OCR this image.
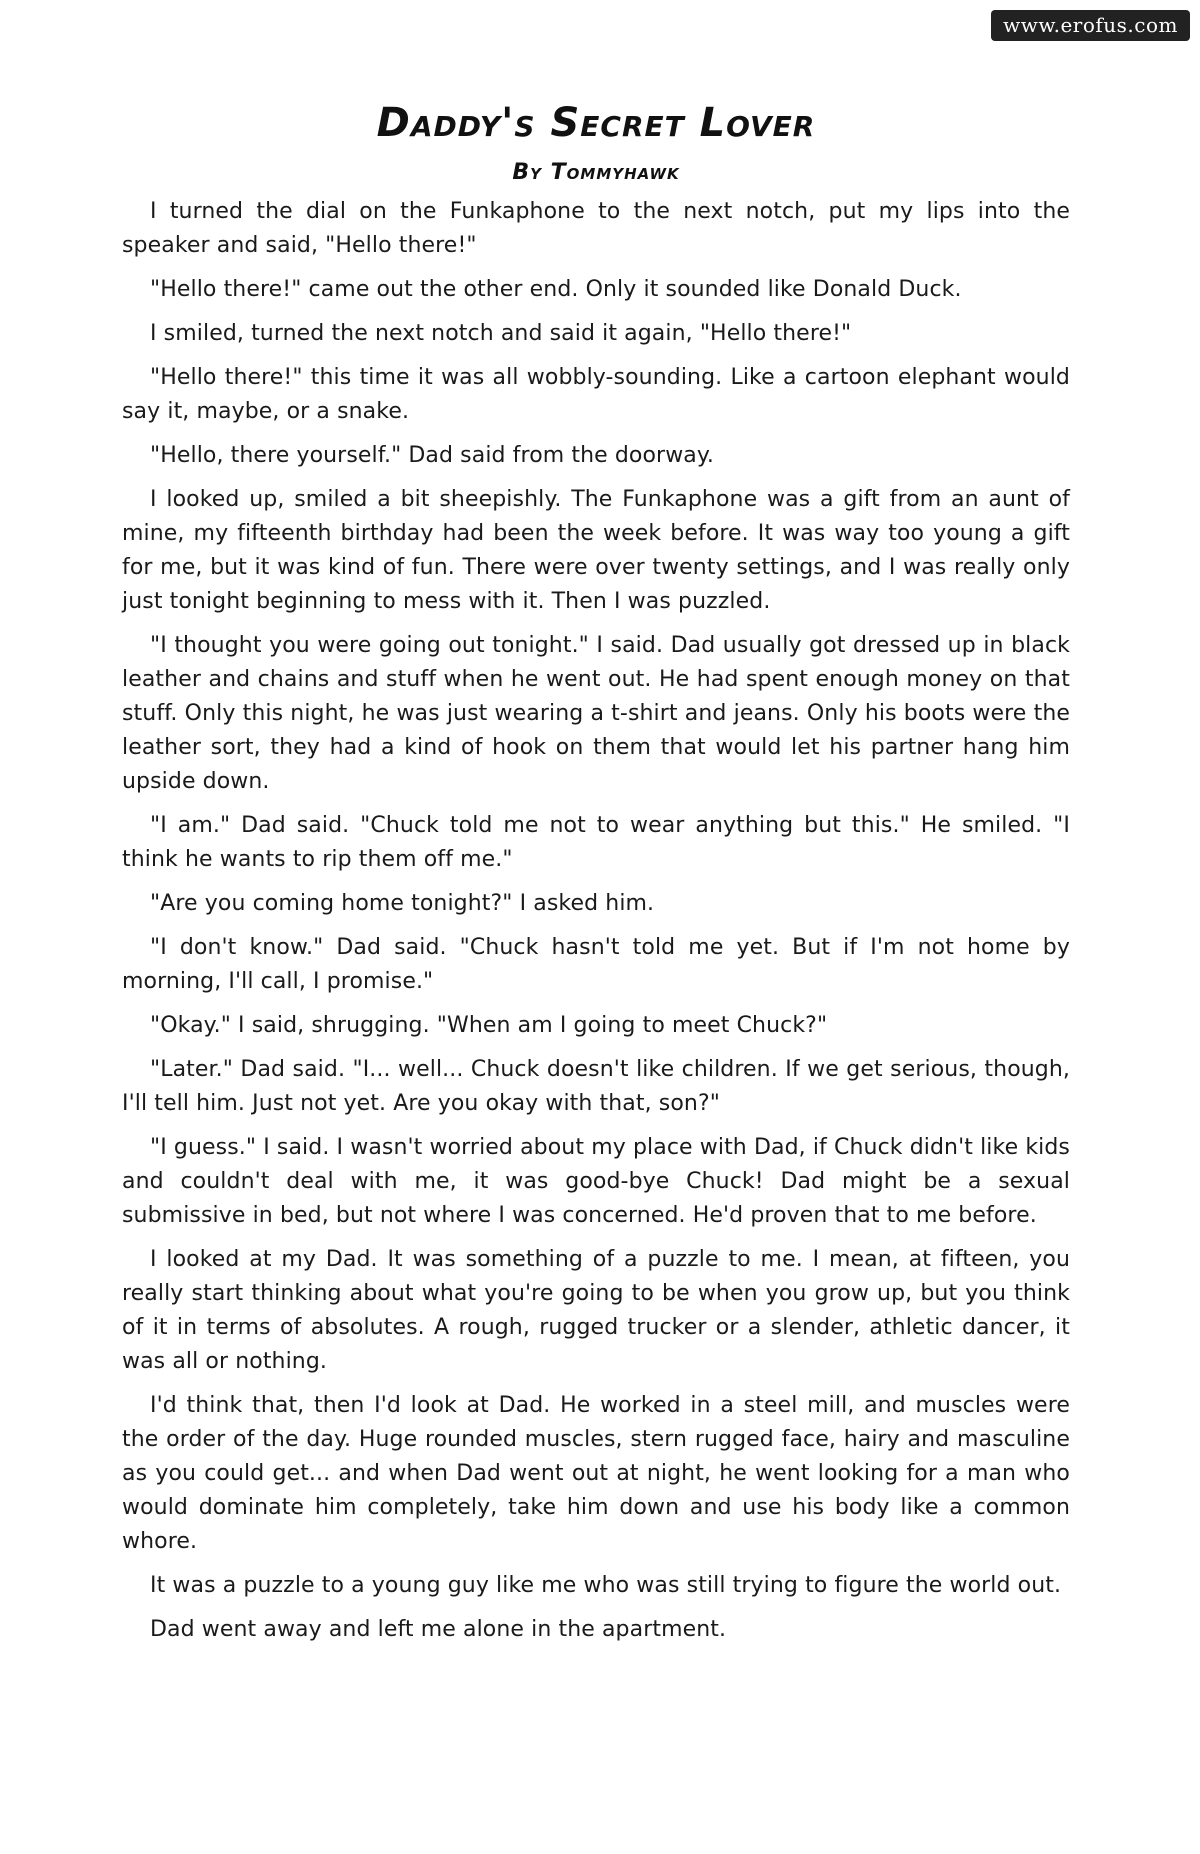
www.erofus.com
Daddy's Secret Lover
By Tommyhawk

I turned the dial on the Funkaphone to the next notch, put my lips into the speaker and said, "Hello there!"

"Hello there!" came out the other end. Only it sounded like Donald Duck.

I smiled, turned the next notch and said it again, "Hello there!"

"Hello there!" this time it was all wobbly-sounding. Like a cartoon elephant would say it, maybe, or a snake.

"Hello, there yourself." Dad said from the doorway.

I looked up, smiled a bit sheepishly. The Funkaphone was a gift from an aunt of mine, my fifteenth birthday had been the week before. It was way too young a gift for me, but it was kind of fun. There were over twenty settings, and I was really only just tonight beginning to mess with it. Then I was puzzled.

"I thought you were going out tonight." I said. Dad usually got dressed up in black leather and chains and stuff when he went out. He had spent enough money on that stuff. Only this night, he was just wearing a t-shirt and jeans. Only his boots were the leather sort, they had a kind of hook on them that would let his partner hang him upside down.

"I am." Dad said. "Chuck told me not to wear anything but this." He smiled. "I think he wants to rip them off me."

"Are you coming home tonight?" I asked him.

"I don't know." Dad said. "Chuck hasn't told me yet. But if I'm not home by morning, I'll call, I promise."

"Okay." I said, shrugging. "When am I going to meet Chuck?"

"Later." Dad said. "I... well... Chuck doesn't like children. If we get serious, though, I'll tell him. Just not yet. Are you okay with that, son?"

"I guess." I said. I wasn't worried about my place with Dad, if Chuck didn't like kids and couldn't deal with me, it was good-bye Chuck! Dad might be a sexual submissive in bed, but not where I was concerned. He'd proven that to me before.

I looked at my Dad. It was something of a puzzle to me. I mean, at fifteen, you really start thinking about what you're going to be when you grow up, but you think of it in terms of absolutes. A rough, rugged trucker or a slender, athletic dancer, it was all or nothing.

I'd think that, then I'd look at Dad. He worked in a steel mill, and muscles were the order of the day. Huge rounded muscles, stern rugged face, hairy and masculine as you could get... and when Dad went out at night, he went looking for a man who would dominate him completely, take him down and use his body like a common whore.

It was a puzzle to a young guy like me who was still trying to figure the world out.

Dad went away and left me alone in the apartment.
